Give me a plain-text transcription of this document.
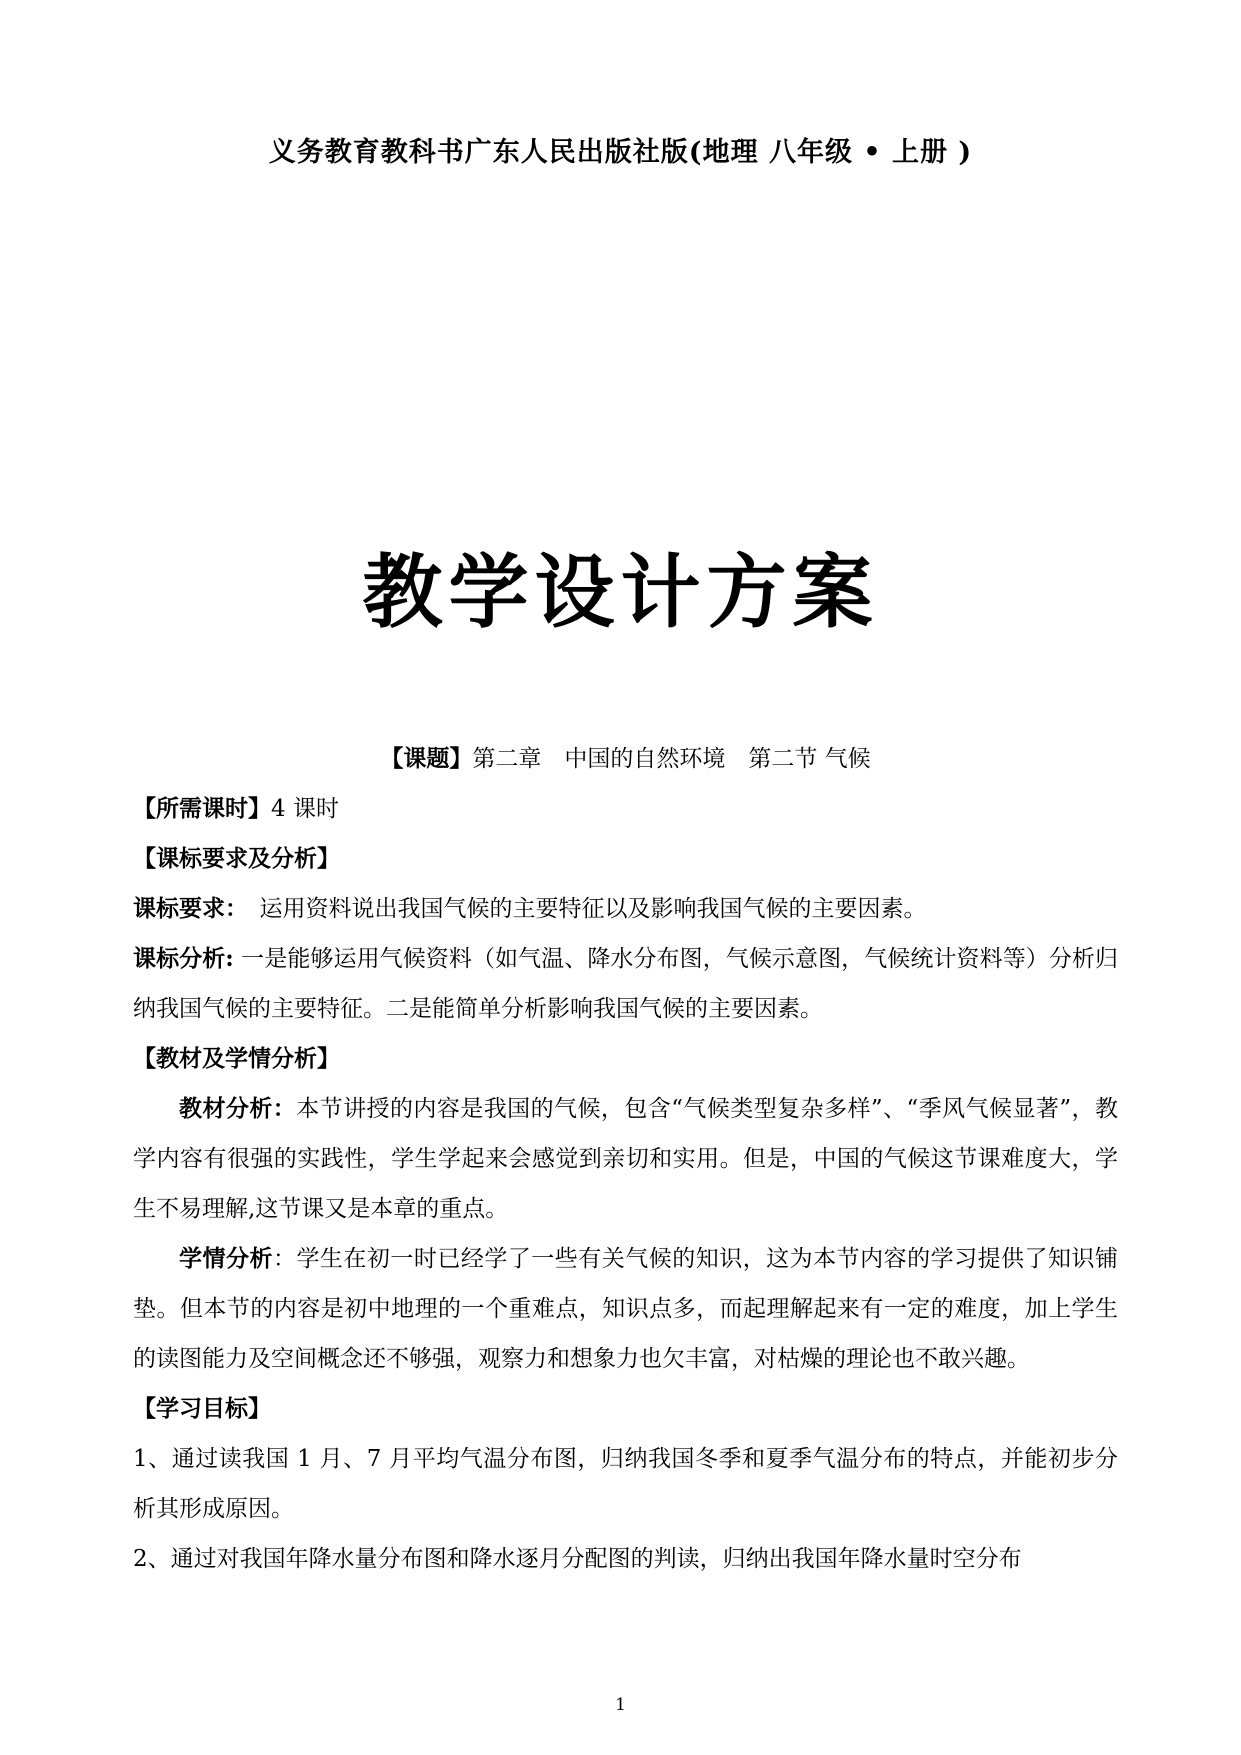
义务教育教科书广东人民出版社版(地理 八年级 • 上册 )
教学设计方案
【课题】第二章　中国的自然环境　第二节 气候
【所需课时】4 课时
【课标要求及分析】
课标要求：　运用资料说出我国气候的主要特征以及影响我国气候的主要因素。
课标分析: 一是能够运用气候资料（如气温、降水分布图，气候示意图，气候统计资料等）分析归纳我国气候的主要特征。二是能简单分析影响我国气候的主要因素。
【教材及学情分析】
教材分析：本节讲授的内容是我国的气候，包含“气候类型复杂多样”、“季风气候显著”，教学内容有很强的实践性，学生学起来会感觉到亲切和实用。但是，中国的气候这节课难度大，学生不易理解,这节课又是本章的重点。
学情分析：学生在初一时已经学了一些有关气候的知识，这为本节内容的学习提供了知识铺垫。但本节的内容是初中地理的一个重难点，知识点多，而起理解起来有一定的难度，加上学生的读图能力及空间概念还不够强，观察力和想象力也欠丰富，对枯燥的理论也不敢兴趣。
【学习目标】
1、通过读我国 1 月、7 月平均气温分布图，归纳我国冬季和夏季气温分布的特点，并能初步分析其形成原因。
2、通过对我国年降水量分布图和降水逐月分配图的判读，归纳出我国年降水量时空分布
1
